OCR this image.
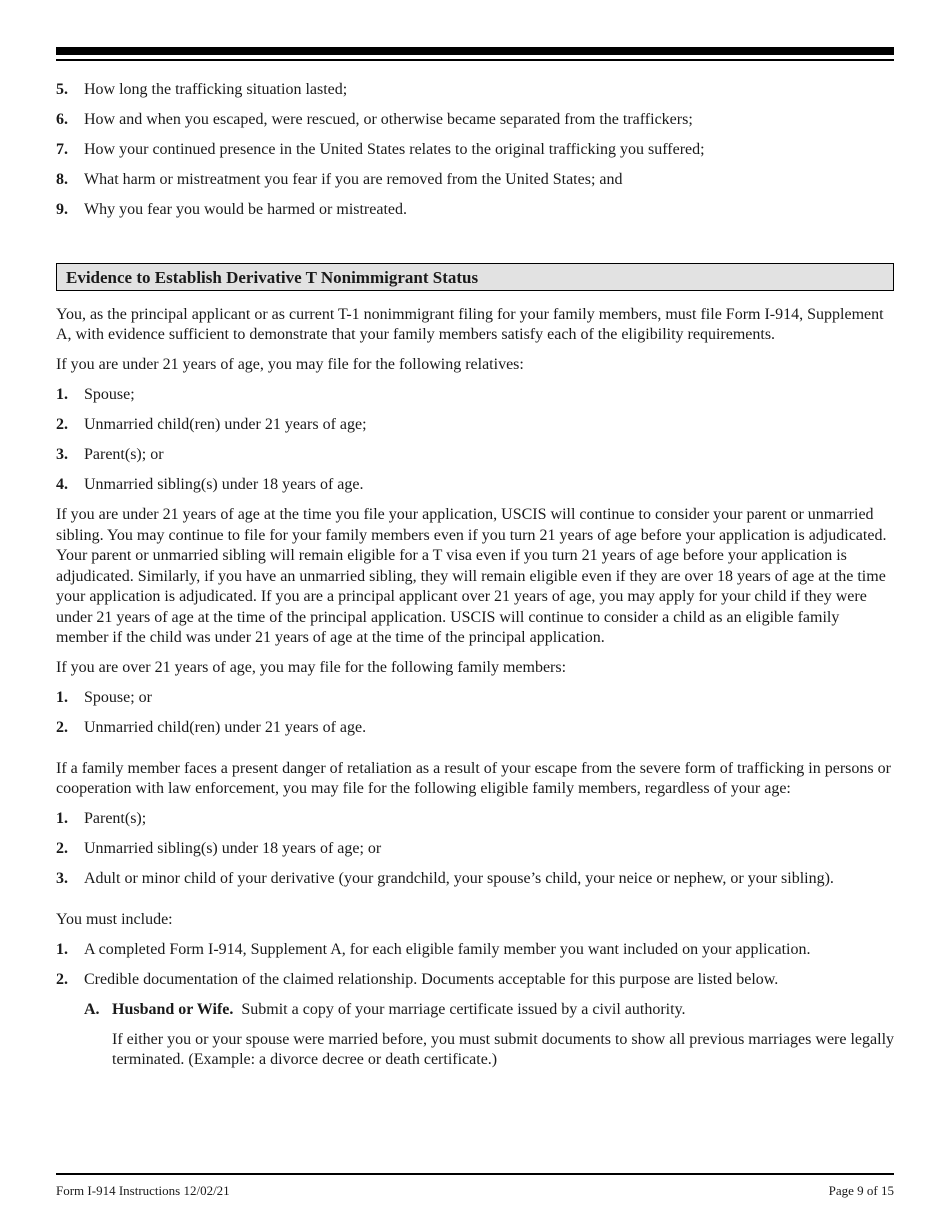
5. How long the trafficking situation lasted;
6. How and when you escaped, were rescued, or otherwise became separated from the traffickers;
7. How your continued presence in the United States relates to the original trafficking you suffered;
8. What harm or mistreatment you fear if you are removed from the United States; and
9. Why you fear you would be harmed or mistreated.
Evidence to Establish Derivative T Nonimmigrant Status

You, as the principal applicant or as current T-1 nonimmigrant filing for your family members, must file Form I-914, Supplement A, with evidence sufficient to demonstrate that your family members satisfy each of the eligibility requirements.

If you are under 21 years of age, you may file for the following relatives:

1. Spouse;
2. Unmarried child(ren) under 21 years of age;
3. Parent(s); or
4. Unmarried sibling(s) under 18 years of age.

If you are under 21 years of age at the time you file your application, USCIS will continue to consider your parent or unmarried sibling. You may continue to file for your family members even if you turn 21 years of age before your application is adjudicated. Your parent or unmarried sibling will remain eligible for a T visa even if you turn 21 years of age before your application is adjudicated. Similarly, if you have an unmarried sibling, they will remain eligible even if they are over 18 years of age at the time your application is adjudicated. If you are a principal applicant over 21 years of age, you may apply for your child if they were under 21 years of age at the time of the principal application. USCIS will continue to consider a child as an eligible family member if the child was under 21 years of age at the time of the principal application.

If you are over 21 years of age, you may file for the following family members:

1. Spouse; or
2. Unmarried child(ren) under 21 years of age.

If a family member faces a present danger of retaliation as a result of your escape from the severe form of trafficking in persons or cooperation with law enforcement, you may file for the following eligible family members, regardless of your age:

1. Parent(s);
2. Unmarried sibling(s) under 18 years of age; or
3. Adult or minor child of your derivative (your grandchild, your spouse’s child, your neice or nephew, or your sibling).

You must include:

1. A completed Form I-914, Supplement A, for each eligible family member you want included on your application.
2. Credible documentation of the claimed relationship. Documents acceptable for this purpose are listed below.
A. Husband or Wife. Submit a copy of your marriage certificate issued by a civil authority.

If either you or your spouse were married before, you must submit documents to show all previous marriages were legally terminated. (Example: a divorce decree or death certificate.)

Form I-914 Instructions 12/02/21	Page 9 of 15
